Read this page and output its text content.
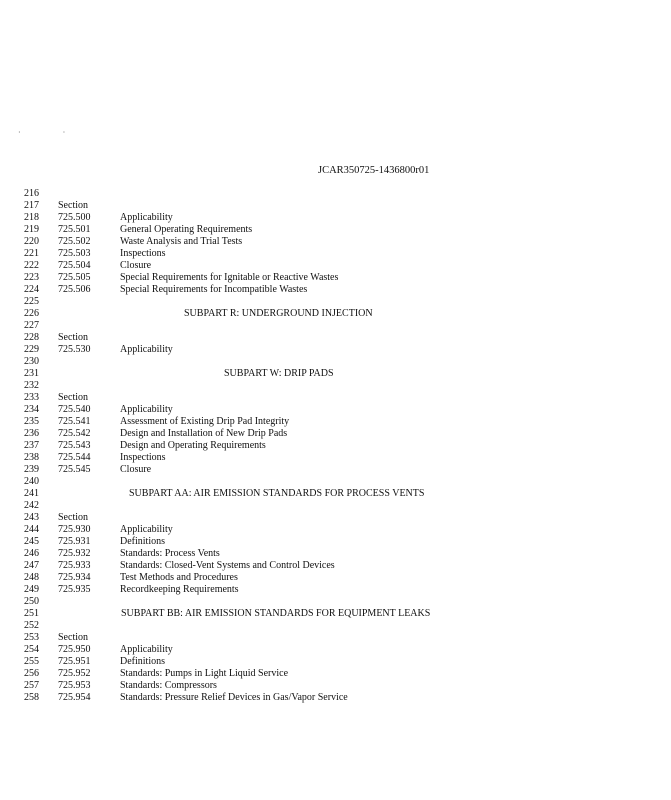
· ·
JCAR350725-1436800r01
216
217	Section
218	725.500	Applicability
219	725.501	General Operating Requirements
220	725.502	Waste Analysis and Trial Tests
221	725.503	Inspections
222	725.504	Closure
223	725.505	Special Requirements for Ignitable or Reactive Wastes
224	725.506	Special Requirements for Incompatible Wastes
225
226	SUBPART R: UNDERGROUND INJECTION
227
228	Section
229	725.530	Applicability
230
231	SUBPART W: DRIP PADS
232
233	Section
234	725.540	Applicability
235	725.541	Assessment of Existing Drip Pad Integrity
236	725.542	Design and Installation of New Drip Pads
237	725.543	Design and Operating Requirements
238	725.544	Inspections
239	725.545	Closure
240
241	SUBPART AA: AIR EMISSION STANDARDS FOR PROCESS VENTS
242
243	Section
244	725.930	Applicability
245	725.931	Definitions
246	725.932	Standards: Process Vents
247	725.933	Standards: Closed-Vent Systems and Control Devices
248	725.934	Test Methods and Procedures
249	725.935	Recordkeeping Requirements
250
251	SUBPART BB: AIR EMISSION STANDARDS FOR EQUIPMENT LEAKS
252
253	Section
254	725.950	Applicability
255	725.951	Definitions
256	725.952	Standards: Pumps in Light Liquid Service
257	725.953	Standards: Compressors
258	725.954	Standards: Pressure Relief Devices in Gas/Vapor Service
